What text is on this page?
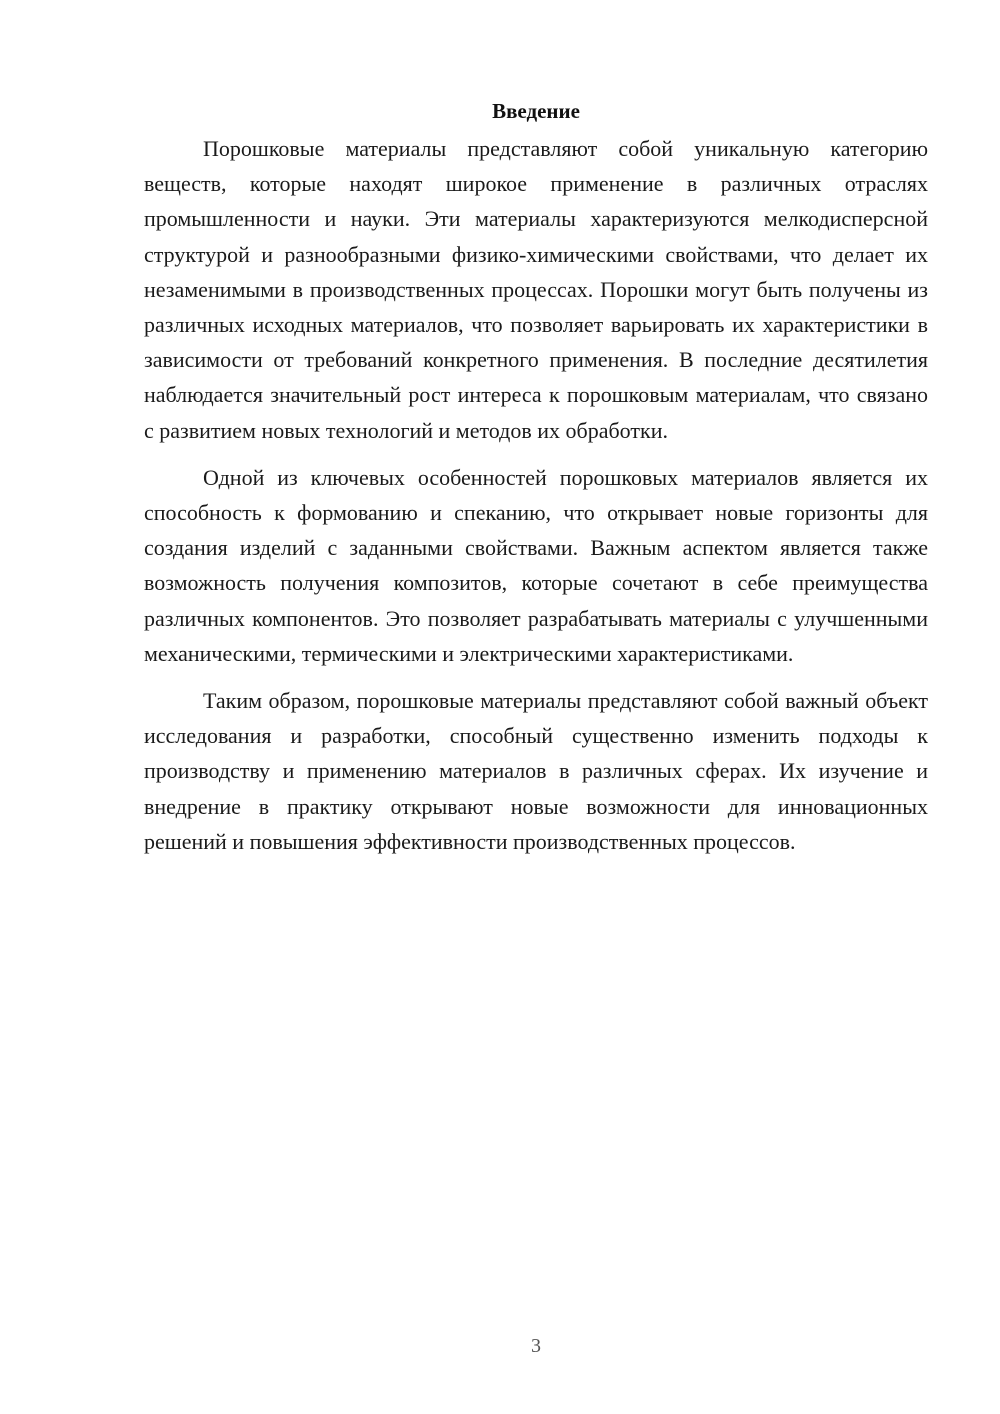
Введение

Порошковые материалы представляют собой уникальную категорию веществ, которые находят широкое применение в различных отраслях промышленности и науки. Эти материалы характеризуются мелкодисперсной структурой и разнообразными физико-химическими свойствами, что делает их незаменимыми в производственных процессах. Порошки могут быть получены из различных исходных материалов, что позволяет варьировать их характеристики в зависимости от требований конкретного применения. В последние десятилетия наблюдается значительный рост интереса к порошковым материалам, что связано с развитием новых технологий и методов их обработки.

Одной из ключевых особенностей порошковых материалов является их способность к формованию и спеканию, что открывает новые горизонты для создания изделий с заданными свойствами. Важным аспектом является также возможность получения композитов, которые сочетают в себе преимущества различных компонентов. Это позволяет разрабатывать материалы с улучшенными механическими, термическими и электрическими характеристиками.

Таким образом, порошковые материалы представляют собой важный объект исследования и разработки, способный существенно изменить подходы к производству и применению материалов в различных сферах. Их изучение и внедрение в практику открывают новые возможности для инновационных решений и повышения эффективности производственных процессов.

3
